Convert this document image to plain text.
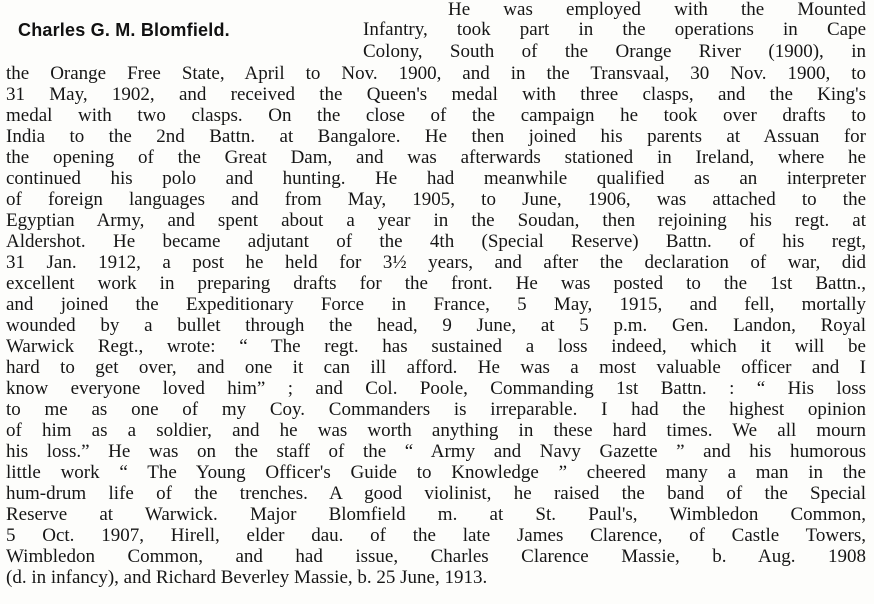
Charles G. M. Blomfield.
He was employed with the Mounted
Infantry, took part in the operations in Cape
Colony, South of the Orange River (1900), in
the Orange Free State, April to Nov. 1900, and in the Transvaal, 30 Nov. 1900, to
31 May, 1902, and received the Queen's medal with three clasps, and the King's
medal with two clasps. On the close of the campaign he took over drafts to
India to the 2nd Battn. at Bangalore. He then joined his parents at Assuan for
the opening of the Great Dam, and was afterwards stationed in Ireland, where he
continued his polo and hunting. He had meanwhile qualified as an interpreter
of foreign languages and from May, 1905, to June, 1906, was attached to the
Egyptian Army, and spent about a year in the Soudan, then rejoining his regt. at
Aldershot. He became adjutant of the 4th (Special Reserve) Battn. of his regt,
31 Jan. 1912, a post he held for 3½ years, and after the declaration of war, did
excellent work in preparing drafts for the front. He was posted to the 1st Battn.,
and joined the Expeditionary Force in France, 5 May, 1915, and fell, mortally
wounded by a bullet through the head, 9 June, at 5 p.m. Gen. Landon, Royal
Warwick Regt., wrote: “ The regt. has sustained a loss indeed, which it will be
hard to get over, and one it can ill afford. He was a most valuable officer and I
know everyone loved him” ; and Col. Poole, Commanding 1st Battn. : “ His loss
to me as one of my Coy. Commanders is irreparable. I had the highest opinion
of him as a soldier, and he was worth anything in these hard times. We all mourn
his loss.” He was on the staff of the “ Army and Navy Gazette ” and his humorous
little work “ The Young Officer's Guide to Knowledge ” cheered many a man in the
hum-drum life of the trenches. A good violinist, he raised the band of the Special
Reserve at Warwick. Major Blomfield m. at St. Paul's, Wimbledon Common,
5 Oct. 1907, Hirell, elder dau. of the late James Clarence, of Castle Towers,
Wimbledon Common, and had issue, Charles Clarence Massie, b. Aug. 1908
(d. in infancy), and Richard Beverley Massie, b. 25 June, 1913.
